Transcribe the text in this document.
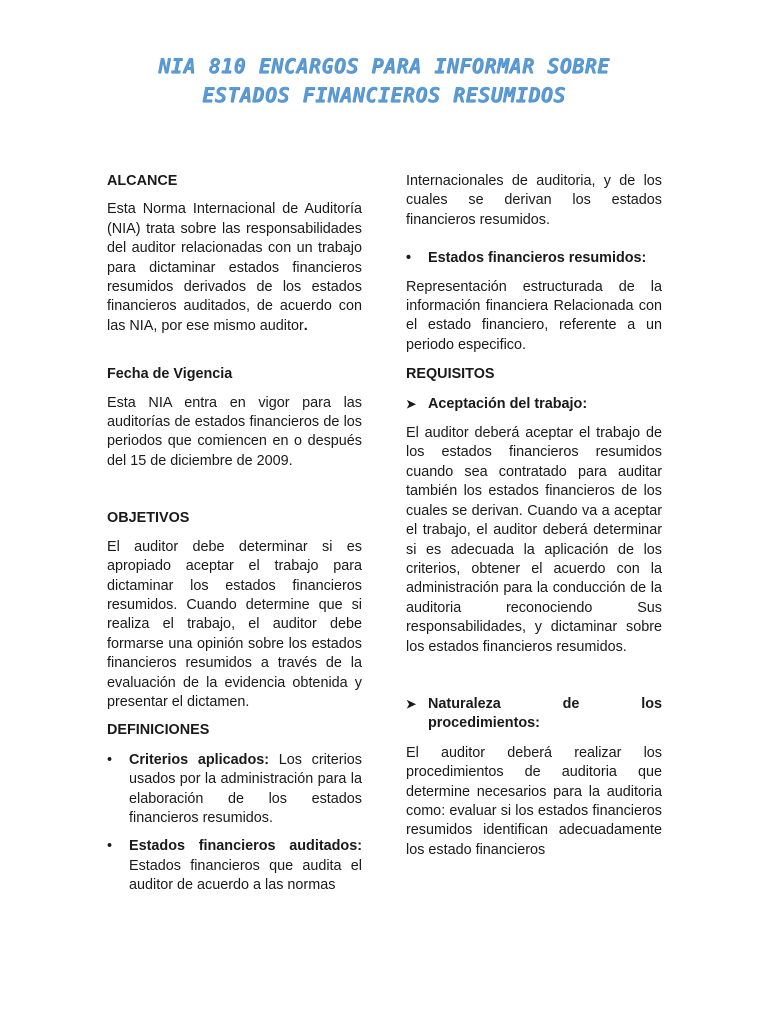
NIA 810 ENCARGOS PARA INFORMAR SOBRE
ESTADOS FINANCIEROS RESUMIDOS
ALCANCE

Esta Norma Internacional de Auditoría (NIA) trata sobre las responsabilidades del auditor relacionadas con un trabajo para dictaminar estados financieros resumidos derivados de los estados financieros auditados, de acuerdo con las NIA, por ese mismo auditor.

Fecha de Vigencia

Esta NIA entra en vigor para las auditorías de estados financieros de los periodos que comiencen en o después del 15 de diciembre de 2009.

OBJETIVOS

El auditor debe determinar si es apropiado aceptar el trabajo para dictaminar los estados financieros resumidos. Cuando determine que si realiza el trabajo, el auditor debe formarse una opinión sobre los estados financieros resumidos a través de la evaluación de la evidencia obtenida y presentar el dictamen.

DEFINICIONES
• Criterios aplicados: Los criterios usados por la administración para la elaboración de los estados financieros resumidos.
• Estados financieros auditados: Estados financieros que audita el auditor de acuerdo a las normas

Internacionales de auditoria, y de los cuales se derivan los estados financieros resumidos.

• Estados financieros resumidos:

Representación estructurada de la información financiera Relacionada con el estado financiero, referente a un periodo especifico.

REQUISITOS
➤ Aceptación del trabajo:

El auditor deberá aceptar el trabajo de los estados financieros resumidos cuando sea contratado para auditar también los estados financieros de los cuales se derivan. Cuando va a aceptar el trabajo, el auditor deberá determinar si es adecuada la aplicación de los criterios, obtener el acuerdo con la administración para la conducción de la auditoria reconociendo Sus responsabilidades, y dictaminar sobre los estados financieros resumidos.

➤ Naturaleza de los procedimientos:

El auditor deberá realizar los procedimientos de auditoria que determine necesarios para la auditoria como: evaluar si los estados financieros resumidos identifican adecuadamente los estado financieros
